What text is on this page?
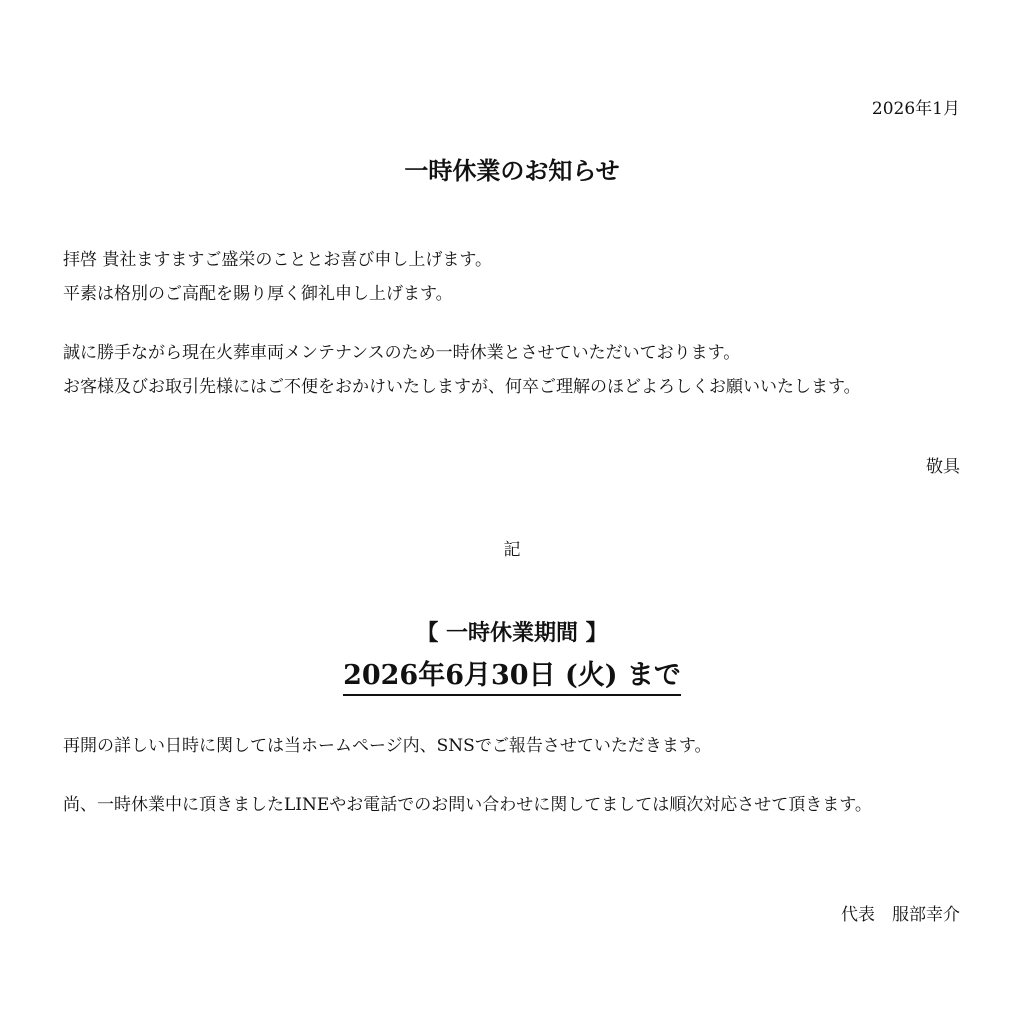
2026年1月
一時休業のお知らせ

拝啓 貴社ますますご盛栄のこととお喜び申し上げます。

平素は格別のご高配を賜り厚く御礼申し上げます。

誠に勝手ながら現在火葬車両メンテナンスのため一時休業とさせていただいております。

お客様及びお取引先様にはご不便をおかけいたしますが、何卒ご理解のほどよろしくお願いいたします。

敬具
記
【 一時休業期間 】
2026年6月30日 (火) まで

再開の詳しい日時に関しては当ホームページ内、SNSでご報告させていただきます。

尚、一時休業中に頂きましたLINEやお電話でのお問い合わせに関してましては順次対応させて頂きます。

代表　服部幸介
